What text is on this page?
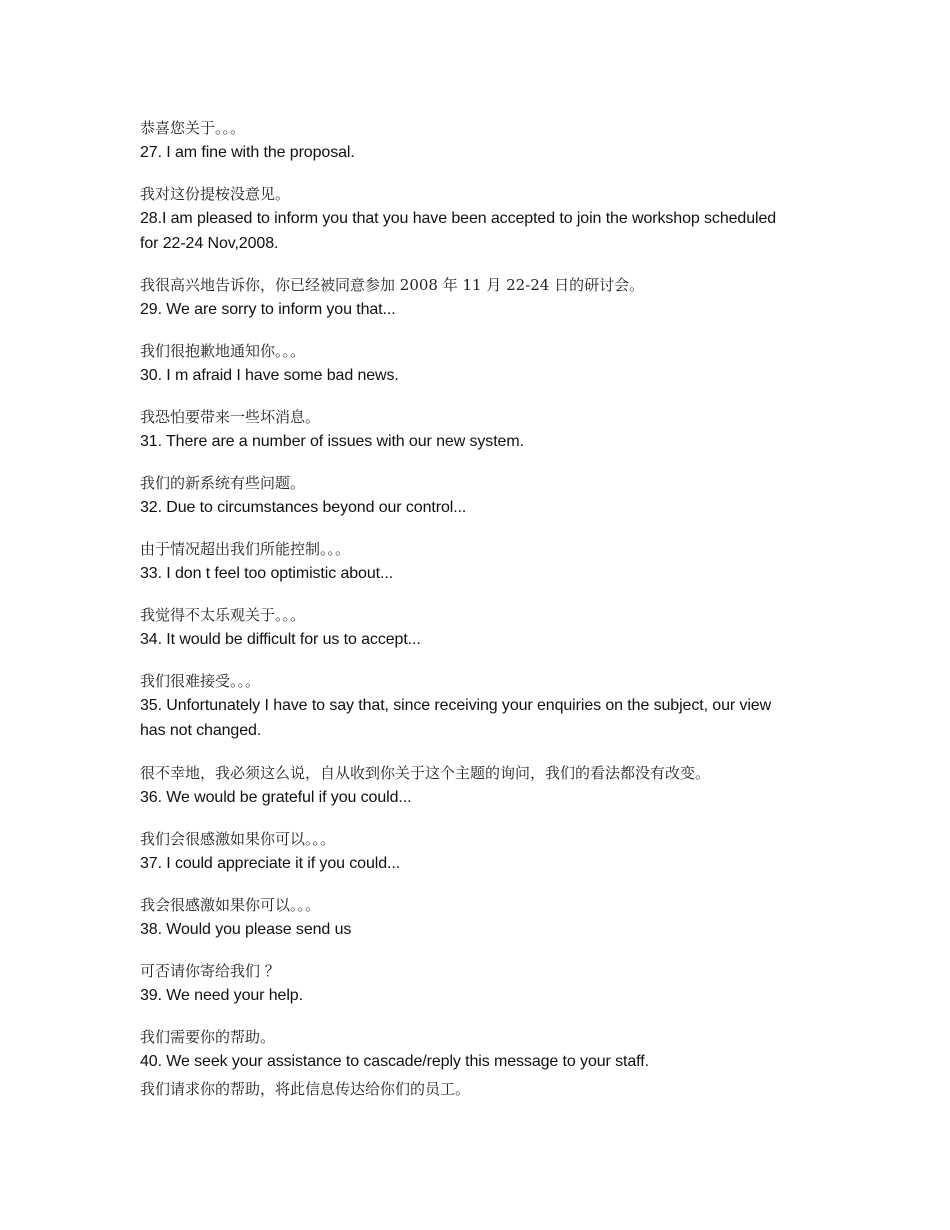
恭喜您关于。。。
27. I am fine with the proposal.
我对这份提桉没意见。
28.I am pleased to inform you that you have been accepted to join the workshop scheduled
for 22-24 Nov,2008.
我很高兴地告诉你，你已经被同意参加 2008 年 11 月 22-24 日的研讨会。
29. We are sorry to inform you that...
我们很抱歉地通知你。。。
30. I m afraid I have some bad news.
我恐怕要带来一些坏消息。
31. There are a number of issues with our new system.
我们的新系统有些问题。
32. Due to circumstances beyond our control...
由于情况超出我们所能控制。。。
33. I don t feel too optimistic about...
我觉得不太乐观关于。。。
34. It would be difficult for us to accept...
我们很难接受。。。
35. Unfortunately I have to say that, since receiving your enquiries on the subject, our view
has not changed.
很不幸地，我必须这么说，自从收到你关于这个主题的询问，我们的看法都没有改变。
36. We would be grateful if you could...
我们会很感激如果你可以。。。
37. I could appreciate it if you could...
我会很感激如果你可以。。。
38. Would you please send us
可否请你寄给我们 ？
39. We need your help.
我们需要你的帮助。
40. We seek your assistance to cascade/reply this message to your staff.
我们请求你的帮助，将此信息传达给你们的员工。
